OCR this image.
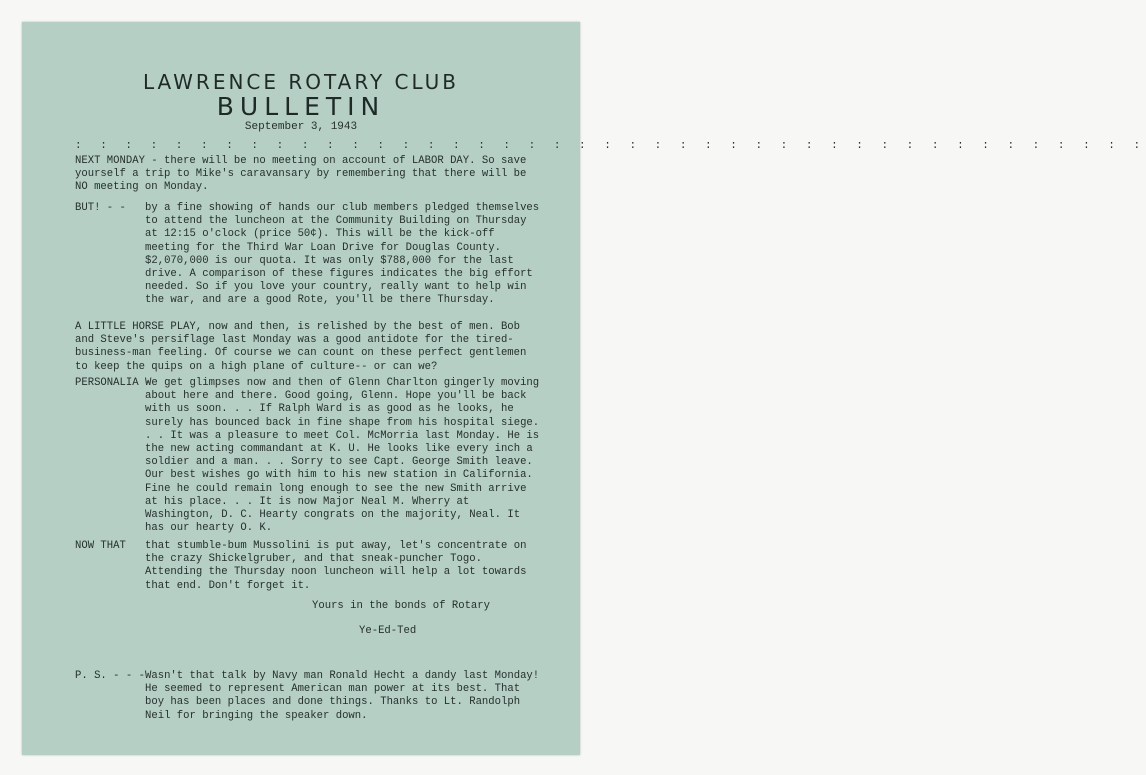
LAWRENCE ROTARY CLUB
BULLETIN
September 3, 1943
: : : : : : : : : : : : : : : : : : : : : : : : : : : : : : : : : : : : : : : : : : :

NEXT MONDAY - there will be no meeting on account of LABOR DAY. So save yourself a trip to Mike's caravansary by remembering that there will be NO meeting on Monday.

BUT! - - by a fine showing of hands our club members pledged themselves to attend the luncheon at the Community Building on Thursday at 12:15 o'clock (price 50¢). This will be the kick-off meeting for the Third War Loan Drive for Douglas County. $2,070,000 is our quota. It was only $788,000 for the last drive. A comparison of these figures indicates the big effort needed. So if you love your country, really want to help win the war, and are a good Rote, you'll be there Thursday.

A LITTLE HORSE PLAY, now and then, is relished by the best of men. Bob and Steve's persiflage last Monday was a good antidote for the tired-business-man feeling. Of course we can count on these perfect gentlemen to keep the quips on a high plane of culture-- or can we?

PERSONALIA -
We get glimpses now and then of Glenn Charlton gingerly moving about here and there. Good going, Glenn. Hope you'll be back with us soon. . . If Ralph Ward is as good as he looks, he surely has bounced back in fine shape from his hospital siege. . . It was a pleasure to meet Col. McMorria last Monday. He is the new acting commandant at K. U. He looks like every inch a soldier and a man. . . Sorry to see Capt. George Smith leave. Our best wishes go with him to his new station in California. Fine he could remain long enough to see the new Smith arrive at his place. . . It is now Major Neal M. Wherry at Washington, D. C. Hearty congrats on the majority, Neal. It has our hearty O. K.
NOW THAT that stumble-bum Mussolini is put away, let's concentrate on the crazy Shickelgruber, and that sneak-puncher Togo. Attending the Thursday noon luncheon will help a lot towards that end. Don't forget it.
Yours in the bonds of Rotary
Ye-Ed-Ted
P. S. - - - Wasn't that talk by Navy man Ronald Hecht a dandy last Monday! He seemed to represent American man power at its best. That boy has been places and done things. Thanks to Lt. Randolph Neil for bringing the speaker down.
